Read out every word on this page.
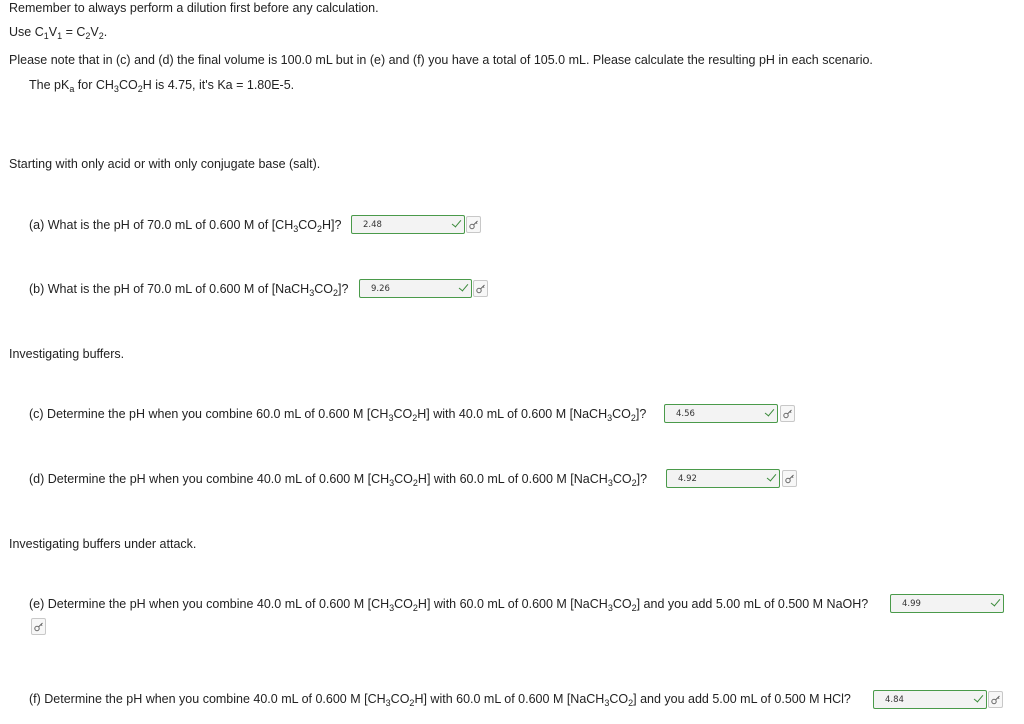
Remember to always perform a dilution first before any calculation.
Use $C_1V_1 = C_2V_2$.
Please note that in (c) and (d) the final volume is 100.0 mL but in (e) and (f) you have a total of 105.0 mL. Please calculate the resulting pH in each scenario.
The $pK_a$ for $CH_3CO_2H$ is 4.75, it's Ka = 1.80E-5.
Starting with only acid or with only conjugate base (salt).
(a) What is the pH of 70.0 mL of 0.600 M of $[CH_3CO_2H]$?	2.48
(b) What is the pH of 70.0 mL of 0.600 M of $[NaCH_3CO_2]$?	9.26
Investigating buffers.
(c) Determine the pH when you combine 60.0 mL of 0.600 M $[CH_3CO_2H]$ with 40.0 mL of 0.600 M $[NaCH_3CO_2]$?	4.56
(d) Determine the pH when you combine 40.0 mL of 0.600 M $[CH_3CO_2H]$ with 60.0 mL of 0.600 M $[NaCH_3CO_2]$?	4.92
Investigating buffers under attack.
(e) Determine the pH when you combine 40.0 mL of 0.600 M $[CH_3CO_2H]$ with 60.0 mL of 0.600 M $[NaCH_3CO_2]$ and you add 5.00 mL of 0.500 M NaOH?	4.99
(f) Determine the pH when you combine 40.0 mL of 0.600 M $[CH_3CO_2H]$ with 60.0 mL of 0.600 M $[NaCH_3CO_2]$ and you add 5.00 mL of 0.500 M HCl?	4.84
